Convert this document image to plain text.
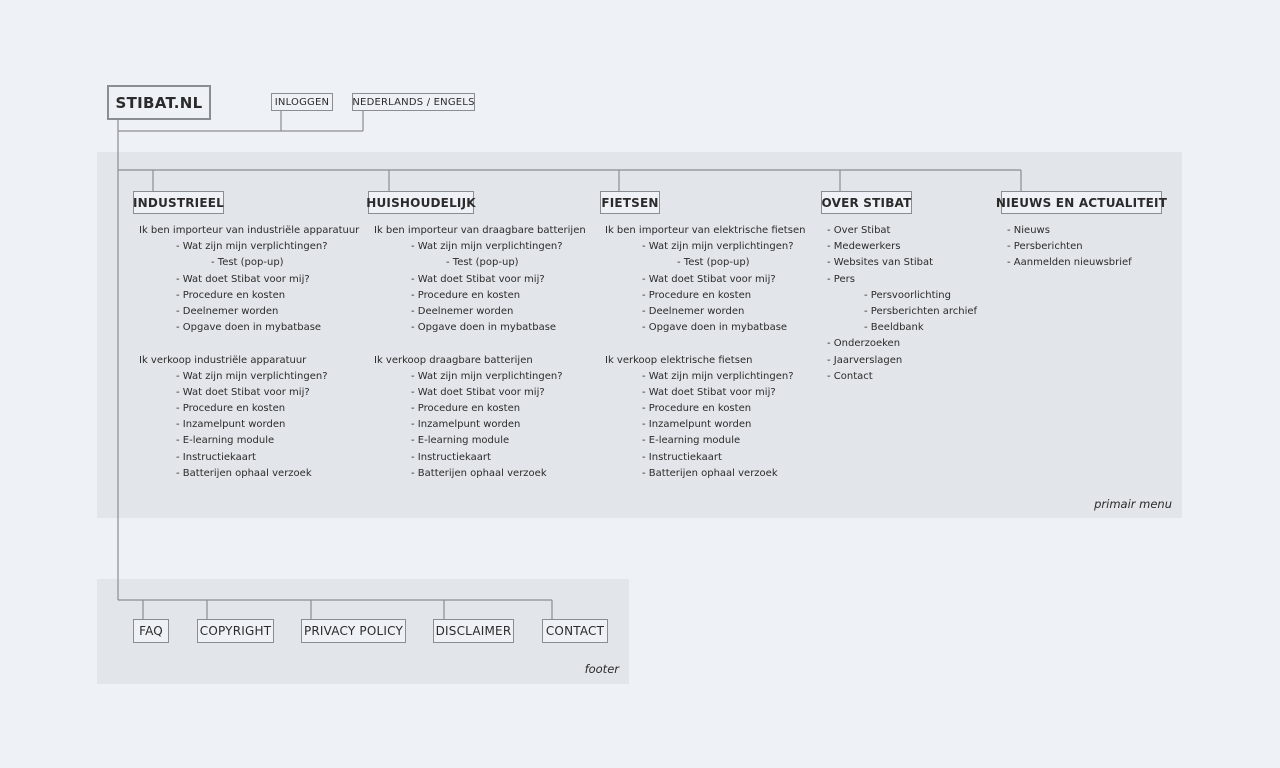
primair menu
footer
STIBAT.NL	INLOGGEN	NEDERLANDS / ENGELS
INDUSTRIEEL	HUISHOUDELIJK	FIETSEN	OVER STIBAT	NIEUWS EN ACTUALITEIT
Ik ben importeur van industriële apparatuur
- Wat zijn mijn verplichtingen?
- Test (pop-up)
- Wat doet Stibat voor mij?
- Procedure en kosten
- Deelnemer worden
- Opgave doen in mybatbase
Ik verkoop industriële apparatuur
- Wat zijn mijn verplichtingen?
- Wat doet Stibat voor mij?
- Procedure en kosten
- Inzamelpunt worden
- E-learning module
- Instructiekaart
- Batterijen ophaal verzoek
Ik ben importeur van draagbare batterijen
- Wat zijn mijn verplichtingen?
- Test (pop-up)
- Wat doet Stibat voor mij?
- Procedure en kosten
- Deelnemer worden
- Opgave doen in mybatbase
Ik verkoop draagbare batterijen
- Wat zijn mijn verplichtingen?
- Wat doet Stibat voor mij?
- Procedure en kosten
- Inzamelpunt worden
- E-learning module
- Instructiekaart
- Batterijen ophaal verzoek
Ik ben importeur van elektrische fietsen
- Wat zijn mijn verplichtingen?
- Test (pop-up)
- Wat doet Stibat voor mij?
- Procedure en kosten
- Deelnemer worden
- Opgave doen in mybatbase
Ik verkoop elektrische fietsen
- Wat zijn mijn verplichtingen?
- Wat doet Stibat voor mij?
- Procedure en kosten
- Inzamelpunt worden
- E-learning module
- Instructiekaart
- Batterijen ophaal verzoek
- Over Stibat
- Medewerkers
- Websites van Stibat
- Pers
- Persvoorlichting
- Persberichten archief
- Beeldbank
- Onderzoeken
- Jaarverslagen
- Contact
- Nieuws
- Persberichten
- Aanmelden nieuwsbrief
FAQ	COPYRIGHT	PRIVACY POLICY	DISCLAIMER	CONTACT
